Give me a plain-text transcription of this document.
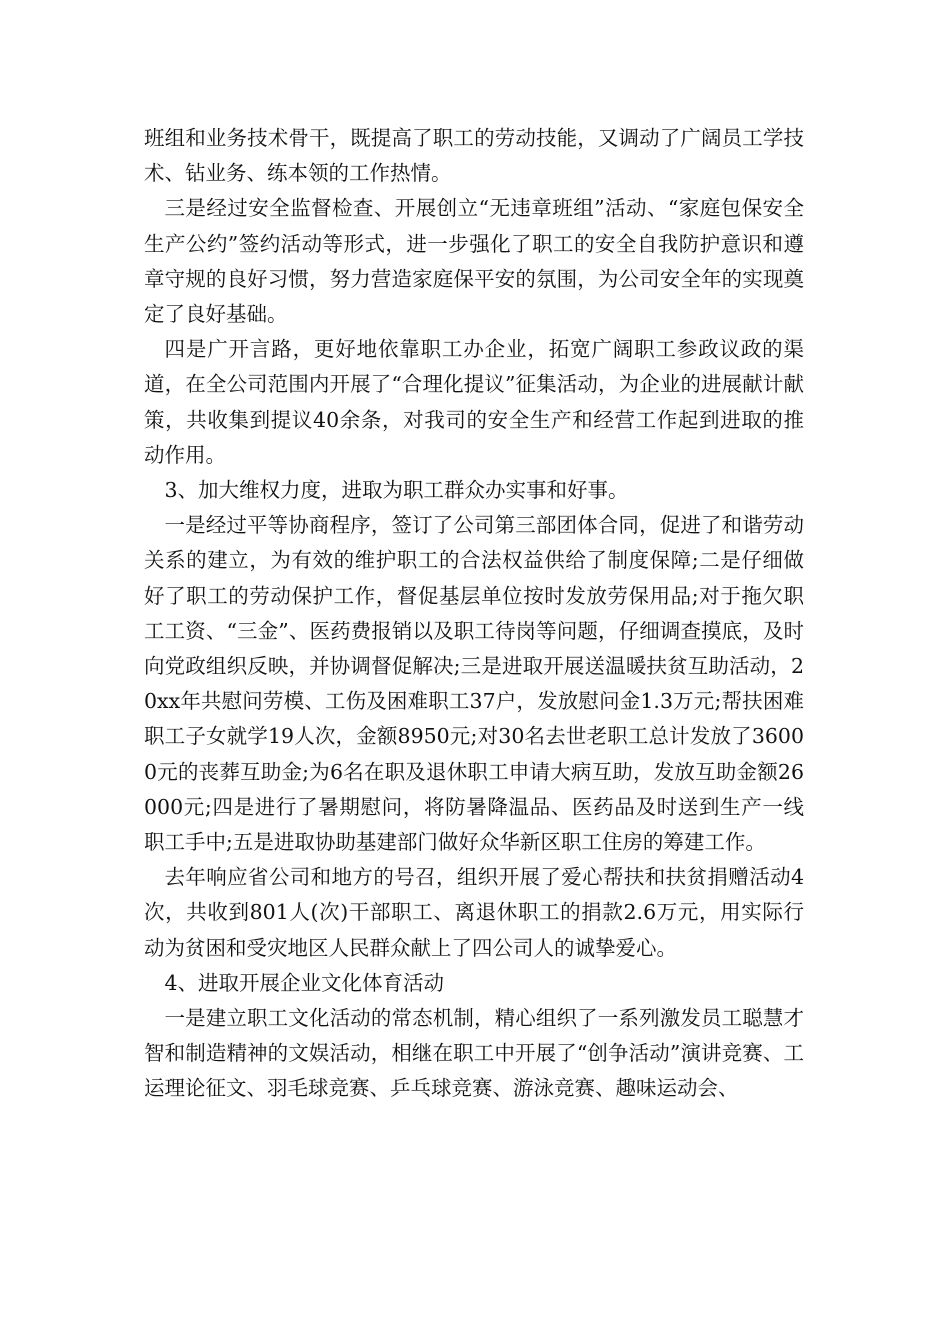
班组和业务技术骨干，既提高了职工的劳动技能，又调动了广阔员工学技术、钻业务、练本领的工作热情。

三是经过安全监督检查、开展创立“无违章班组”活动、“家庭包保安全生产公约”签约活动等形式，进一步强化了职工的安全自我防护意识和遵章守规的良好习惯，努力营造家庭保平安的氛围，为公司安全年的实现奠定了良好基础。

四是广开言路，更好地依靠职工办企业，拓宽广阔职工参政议政的渠道，在全公司范围内开展了“合理化提议”征集活动，为企业的进展献计献策，共收集到提议40余条，对我司的安全生产和经营工作起到进取的推动作用。

3、加大维权力度，进取为职工群众办实事和好事。

一是经过平等协商程序，签订了公司第三部团体合同，促进了和谐劳动关系的建立，为有效的维护职工的合法权益供给了制度保障;二是仔细做好了职工的劳动保护工作，督促基层单位按时发放劳保用品;对于拖欠职工工资、“三金”、医药费报销以及职工待岗等问题，仔细调查摸底，及时向党政组织反映，并协调督促解决;三是进取开展送温暖扶贫互助活动，20xx年共慰问劳模、工伤及困难职工37户，发放慰问金1.3万元;帮扶困难职工子女就学19人次，金额8950元;对30名去世老职工总计发放了36000元的丧葬互助金;为6名在职及退休职工申请大病互助，发放互助金额26000元;四是进行了暑期慰问，将防暑降温品、医药品及时送到生产一线职工手中;五是进取协助基建部门做好众华新区职工住房的筹建工作。

去年响应省公司和地方的号召，组织开展了爱心帮扶和扶贫捐赠活动4次，共收到801人(次)干部职工、离退休职工的捐款2.6万元，用实际行动为贫困和受灾地区人民群众献上了四公司人的诚挚爱心。

4、进取开展企业文化体育活动

一是建立职工文化活动的常态机制，精心组织了一系列激发员工聪慧才智和制造精神的文娱活动，相继在职工中开展了“创争活动”演讲竞赛、工运理论征文、羽毛球竞赛、乒乓球竞赛、游泳竞赛、趣味运动会、
